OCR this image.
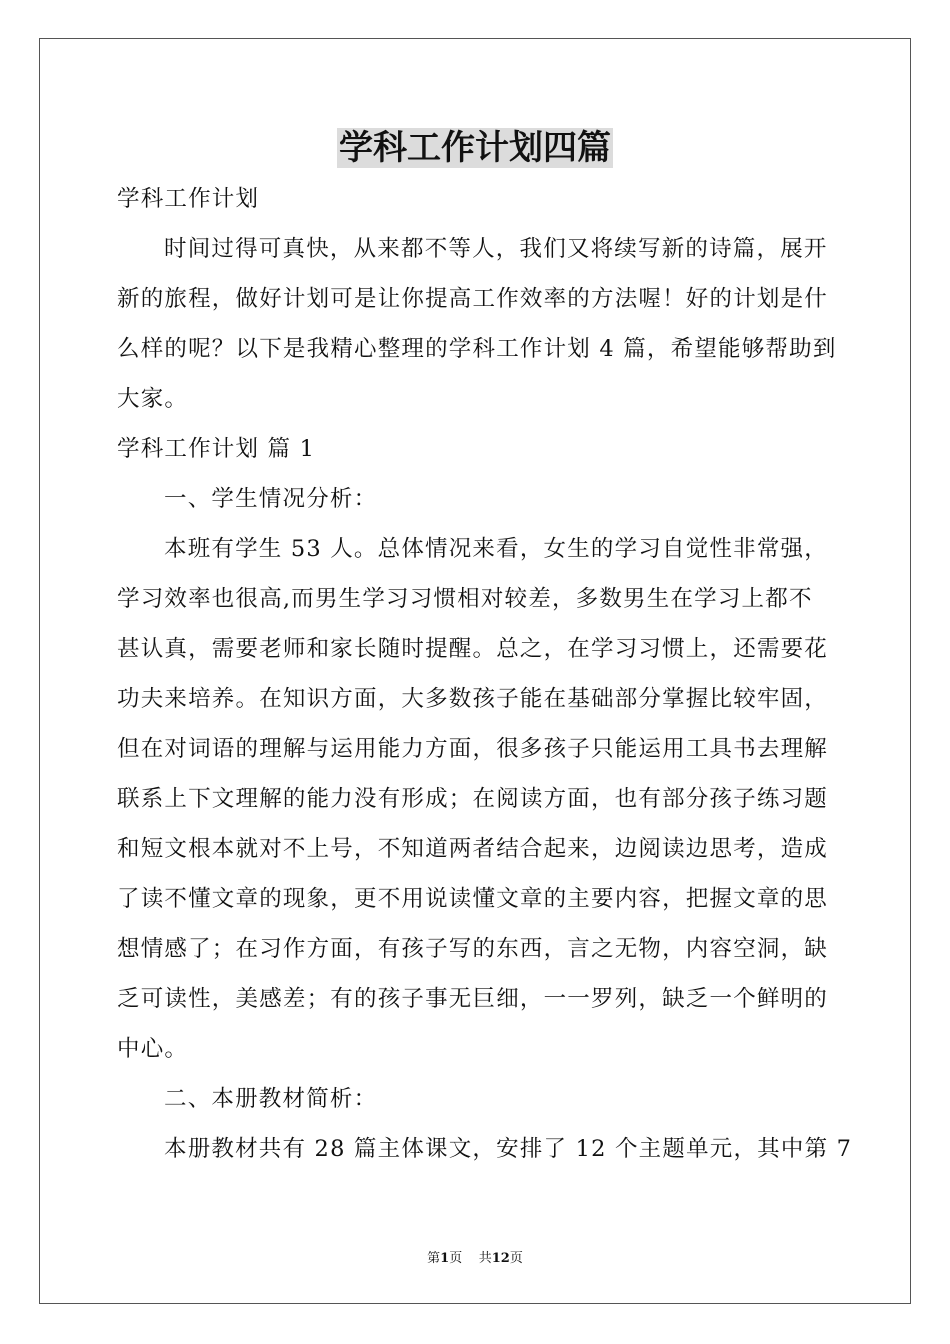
学科工作计划四篇
学科工作计划
时间过得可真快，从来都不等人，我们又将续写新的诗篇，展开
新的旅程，做好计划可是让你提高工作效率的方法喔！好的计划是什
么样的呢？以下是我精心整理的学科工作计划 4 篇，希望能够帮助到
大家。
学科工作计划 篇 1
一、学生情况分析：
本班有学生 53 人。总体情况来看，女生的学习自觉性非常强，
学习效率也很高,而男生学习习惯相对较差，多数男生在学习上都不
甚认真，需要老师和家长随时提醒。总之，在学习习惯上，还需要花
功夫来培养。在知识方面，大多数孩子能在基础部分掌握比较牢固，
但在对词语的理解与运用能力方面，很多孩子只能运用工具书去理解
联系上下文理解的能力没有形成；在阅读方面，也有部分孩子练习题
和短文根本就对不上号，不知道两者结合起来，边阅读边思考，造成
了读不懂文章的现象，更不用说读懂文章的主要内容，把握文章的思
想情感了；在习作方面，有孩子写的东西，言之无物，内容空洞，缺
乏可读性，美感差；有的孩子事无巨细，一一罗列，缺乏一个鲜明的
中心。
二、本册教材简析：
本册教材共有 28 篇主体课文，安排了 12 个主题单元，其中第 7
第1页    共12页
